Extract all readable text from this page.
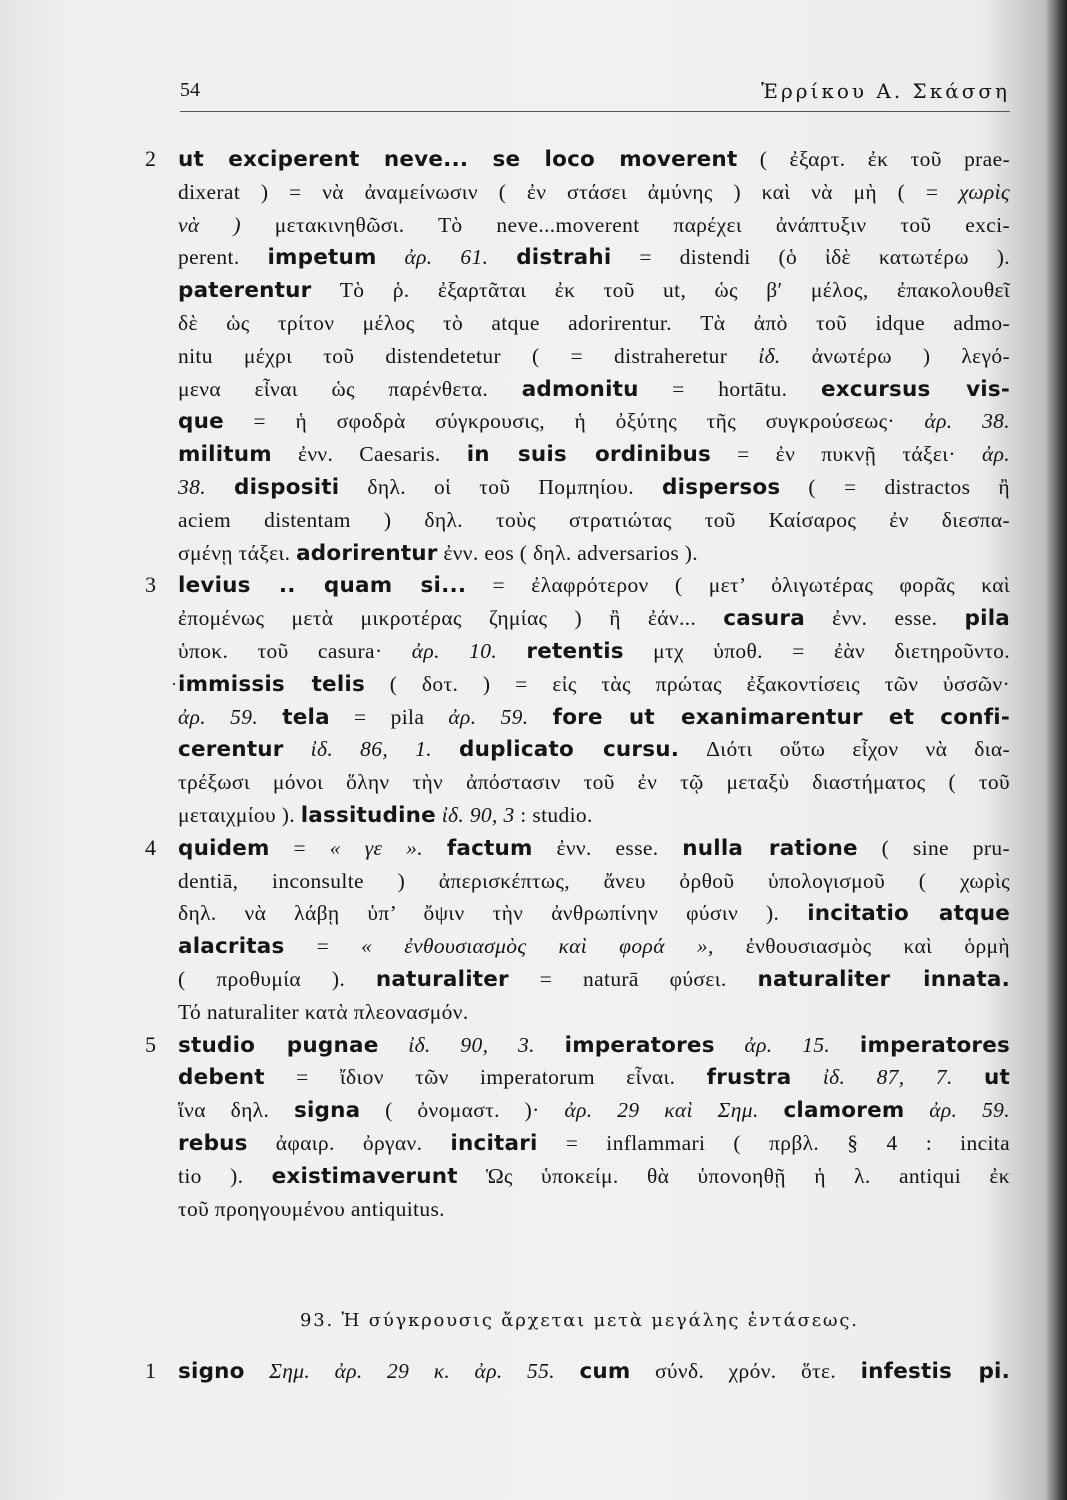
54	Ἑρρίκου Α. Σκάσση
2 ut exciperent neve... se loco moverent ( ἐξαρτ. ἐκ τοῦ prae-
dixerat ) = νὰ ἀναμείνωσιν ( ἐν στάσει ἀμύνης ) καὶ νὰ μὴ ( = χωρὶς
νὰ ) μετακινηθῶσι. Τὸ neve...moverent παρέχει ἀνάπτυξιν τοῦ exci-
perent. impetum ἀρ. 61. distrahi = distendi (ὁ ἰδὲ κατωτέρω ).
paterentur Τὸ ῥ. ἐξαρτᾶται ἐκ τοῦ ut, ὡς β′ μέλος, ἐπακολουθεῖ
δὲ ὡς τρίτον μέλος τὸ atque adorirentur. Τὰ ἀπὸ τοῦ idque admo-
nitu μέχρι τοῦ distendetetur ( = distraheretur ἰδ. ἀνωτέρω ) λεγό-
μενα εἶναι ὡς παρένθετα. admonitu = hortātu. excursus vis-
que = ἡ σφοδρὰ σύγκρουσις, ἡ ὀξύτης τῆς συγκρούσεως· ἀρ. 38.
militum ἐνν. Caesaris. in suis ordinibus = ἐν πυκνῇ τάξει· ἀρ.
38. dispositi δηλ. οἱ τοῦ Πομπηίου. dispersos ( = distractos ἢ
aciem distentam ) δηλ. τοὺς στρατιώτας τοῦ Καίσαρος ἐν διεσπα-
σμένῃ τάξει. adorirentur ἐνν. eos ( δηλ. adversarios ).
3 levius .. quam si... = ἐλαφρότερον ( μετ’ ὀλιγωτέρας φορᾶς καὶ
ἐπομένως μετὰ μικροτέρας ζημίας ) ἢ ἐάν... casura ἐνν. esse. pila
ὑποκ. τοῦ casura· ἀρ. 10. retentis μτχ ὑποθ. = ἐὰν διετηροῦντο.
· immissis telis ( δοτ. ) = εἰς τὰς πρώτας ἐξακοντίσεις τῶν ὑσσῶν·
ἀρ. 59. tela = pila ἀρ. 59. fore ut exanimarentur et confi-
cerentur ἰδ. 86, 1. duplicato cursu. Διότι οὕτω εἶχον νὰ δια-
τρέξωσι μόνοι ὅλην τὴν ἀπόστασιν τοῦ ἐν τῷ μεταξὺ διαστήματος ( τοῦ
μεταιχμίου ). lassitudine ἰδ. 90, 3 : studio.
4 quidem = « γε ». factum ἐνν. esse. nulla ratione ( sine pru-
dentiā, inconsulte ) ἀπερισκέπτως, ἄνευ ὀρθοῦ ὑπολογισμοῦ ( χωρὶς
δηλ. νὰ λάβῃ ὑπ’ ὄψιν τὴν ἀνθρωπίνην φύσιν ). incitatio atque
alacritas = « ἐνθουσιασμὸς καὶ φορά », ἐνθουσιασμὸς καὶ ὁρμὴ
( προθυμία ). naturaliter = naturā φύσει. naturaliter innata.
Τό naturaliter κατὰ πλεονασμόν.
5 studio pugnae ἰδ. 90, 3. imperatores ἀρ. 15. imperatores
debent = ἴδιον τῶν imperatorum εἶναι. frustra ἰδ. 87, 7. ut
ἵνα δηλ. signa ( ὀνομαστ. )· ἀρ. 29 καὶ Σημ. clamorem ἀρ. 59.
rebus ἀφαιρ. ὀργαν. incitari = inflammari ( πρβλ. § 4 : incita
tio ). existimaverunt Ὡς ὑποκείμ. θὰ ὑπονοηθῇ ἡ λ. antiqui ἐκ
τοῦ προηγουμένου antiquitus.
93. Ἡ σύγκρουσις ἄρχεται μετὰ μεγάλης ἐντάσεως.
1 signo Σημ. ἀρ. 29 κ. ἀρ. 55. cum σύνδ. χρόν. ὅτε. infestis pi.
